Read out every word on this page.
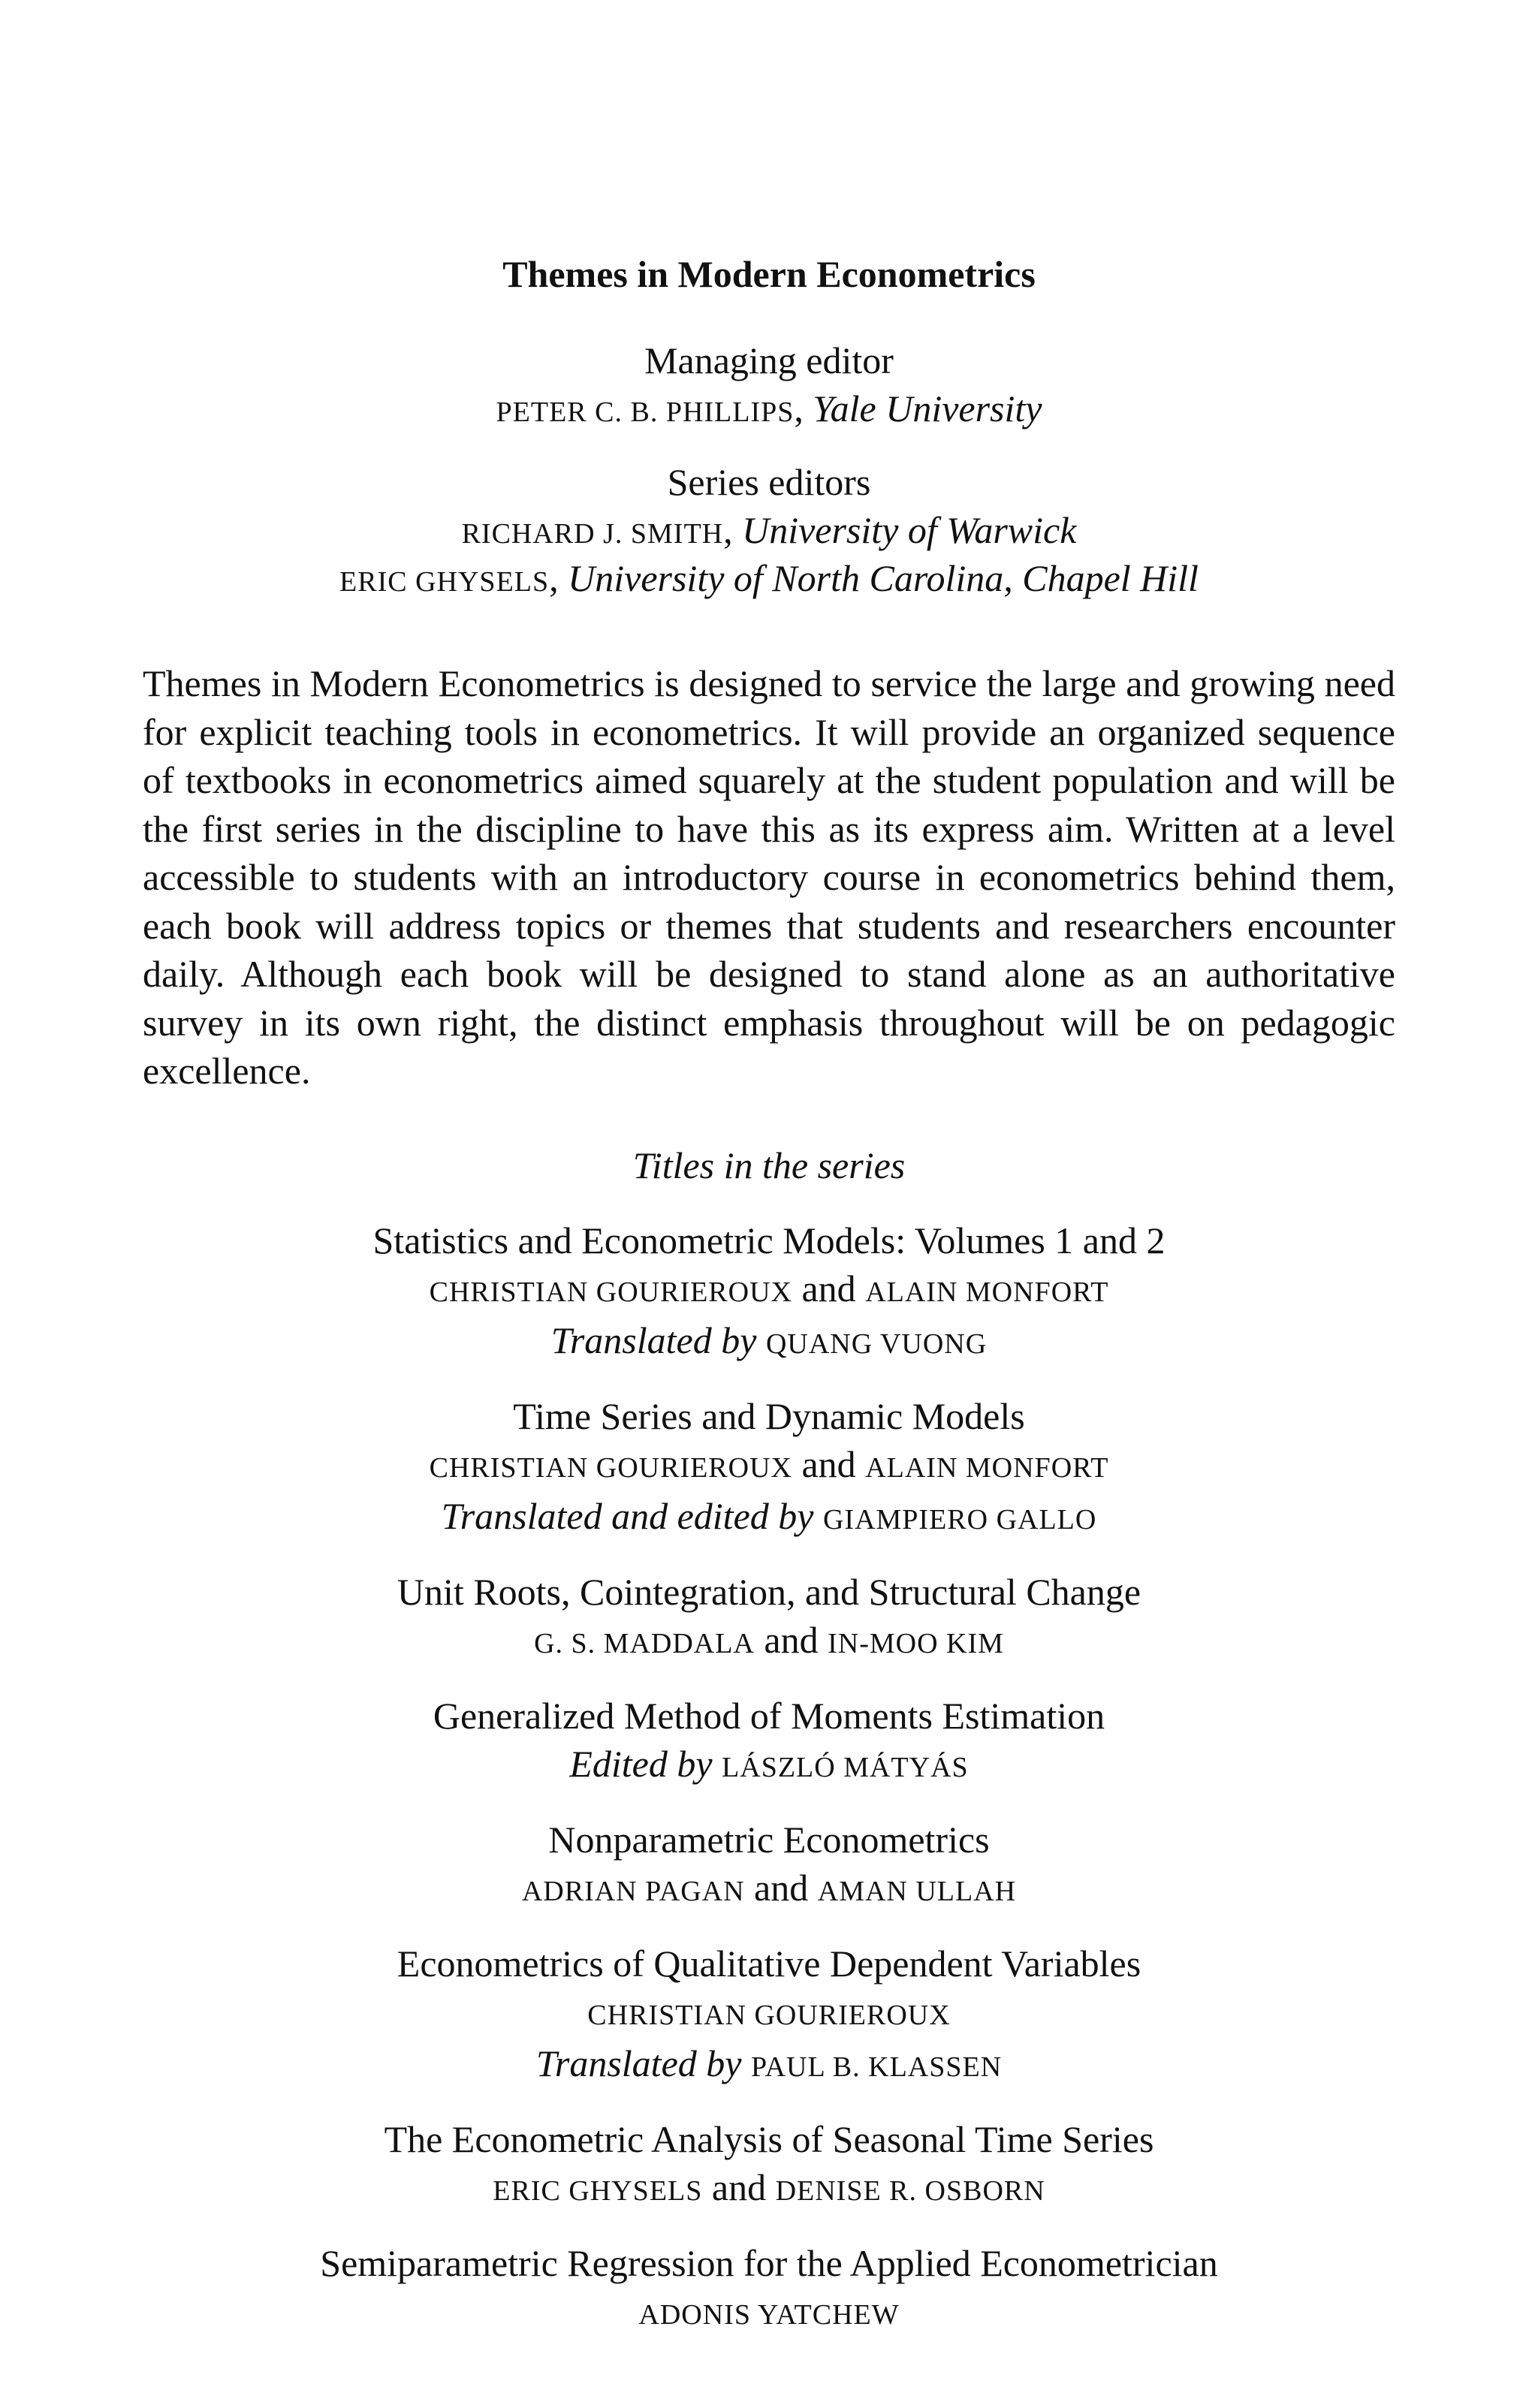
Themes in Modern Econometrics
Managing editor
PETER C. B. PHILLIPS, Yale University
Series editors
RICHARD J. SMITH, University of Warwick
ERIC GHYSELS, University of North Carolina, Chapel Hill
Themes in Modern Econometrics is designed to service the large and growing need for explicit teaching tools in econometrics. It will provide an organized sequence of textbooks in econometrics aimed squarely at the student population and will be the first series in the discipline to have this as its express aim. Written at a level accessible to students with an introductory course in econometrics behind them, each book will address topics or themes that students and researchers encounter daily. Although each book will be designed to stand alone as an authoritative survey in its own right, the distinct emphasis throughout will be on pedagogic excellence.
Titles in the series
Statistics and Econometric Models: Volumes 1 and 2
CHRISTIAN GOURIEROUX and ALAIN MONFORT
Translated by QUANG VUONG
Time Series and Dynamic Models
CHRISTIAN GOURIEROUX and ALAIN MONFORT
Translated and edited by GIAMPIERO GALLO
Unit Roots, Cointegration, and Structural Change
G. S. MADDALA and IN-MOO KIM
Generalized Method of Moments Estimation
Edited by LÁSZLÓ MÁTYÁS
Nonparametric Econometrics
ADRIAN PAGAN and AMAN ULLAH
Econometrics of Qualitative Dependent Variables
CHRISTIAN GOURIEROUX
Translated by PAUL B. KLASSEN
The Econometric Analysis of Seasonal Time Series
ERIC GHYSELS and DENISE R. OSBORN
Semiparametric Regression for the Applied Econometrician
ADONIS YATCHEW
